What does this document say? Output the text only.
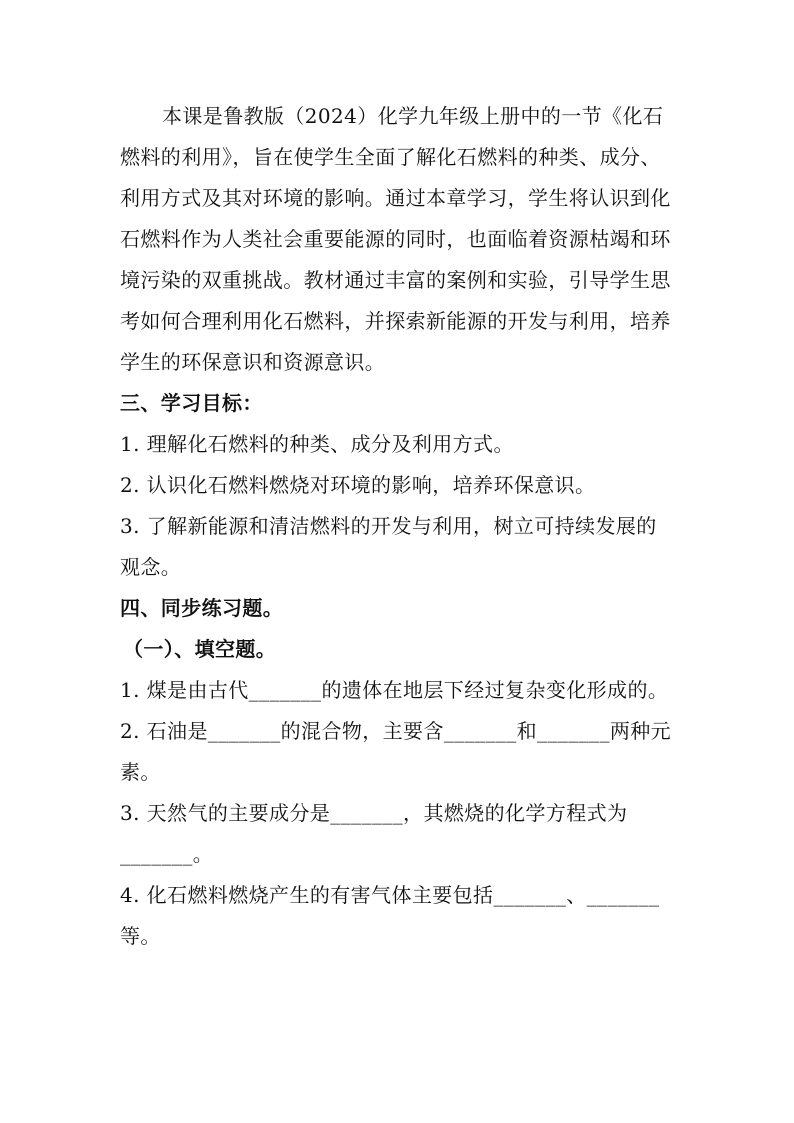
本课是鲁教版（2024）化学九年级上册中的一节《化石燃料的利用》，旨在使学生全面了解化石燃料的种类、成分、利用方式及其对环境的影响。通过本章学习，学生将认识到化石燃料作为人类社会重要能源的同时，也面临着资源枯竭和环境污染的双重挑战。教材通过丰富的案例和实验，引导学生思考如何合理利用化石燃料，并探索新能源的开发与利用，培养学生的环保意识和资源意识。

三、学习目标：

1. 理解化石燃料的种类、成分及利用方式。

2. 认识化石燃料燃烧对环境的影响，培养环保意识。

3. 了解新能源和清洁燃料的开发与利用，树立可持续发展的观念。

四、同步练习题。

（一）、填空题。

1. 煤是由古代_______的遗体在地层下经过复杂变化形成的。

2. 石油是_______的混合物，主要含_______和_______两种元素。

3. 天然气的主要成分是_______，其燃烧的化学方程式为_______。

4. 化石燃料燃烧产生的有害气体主要包括_______、_______等。
